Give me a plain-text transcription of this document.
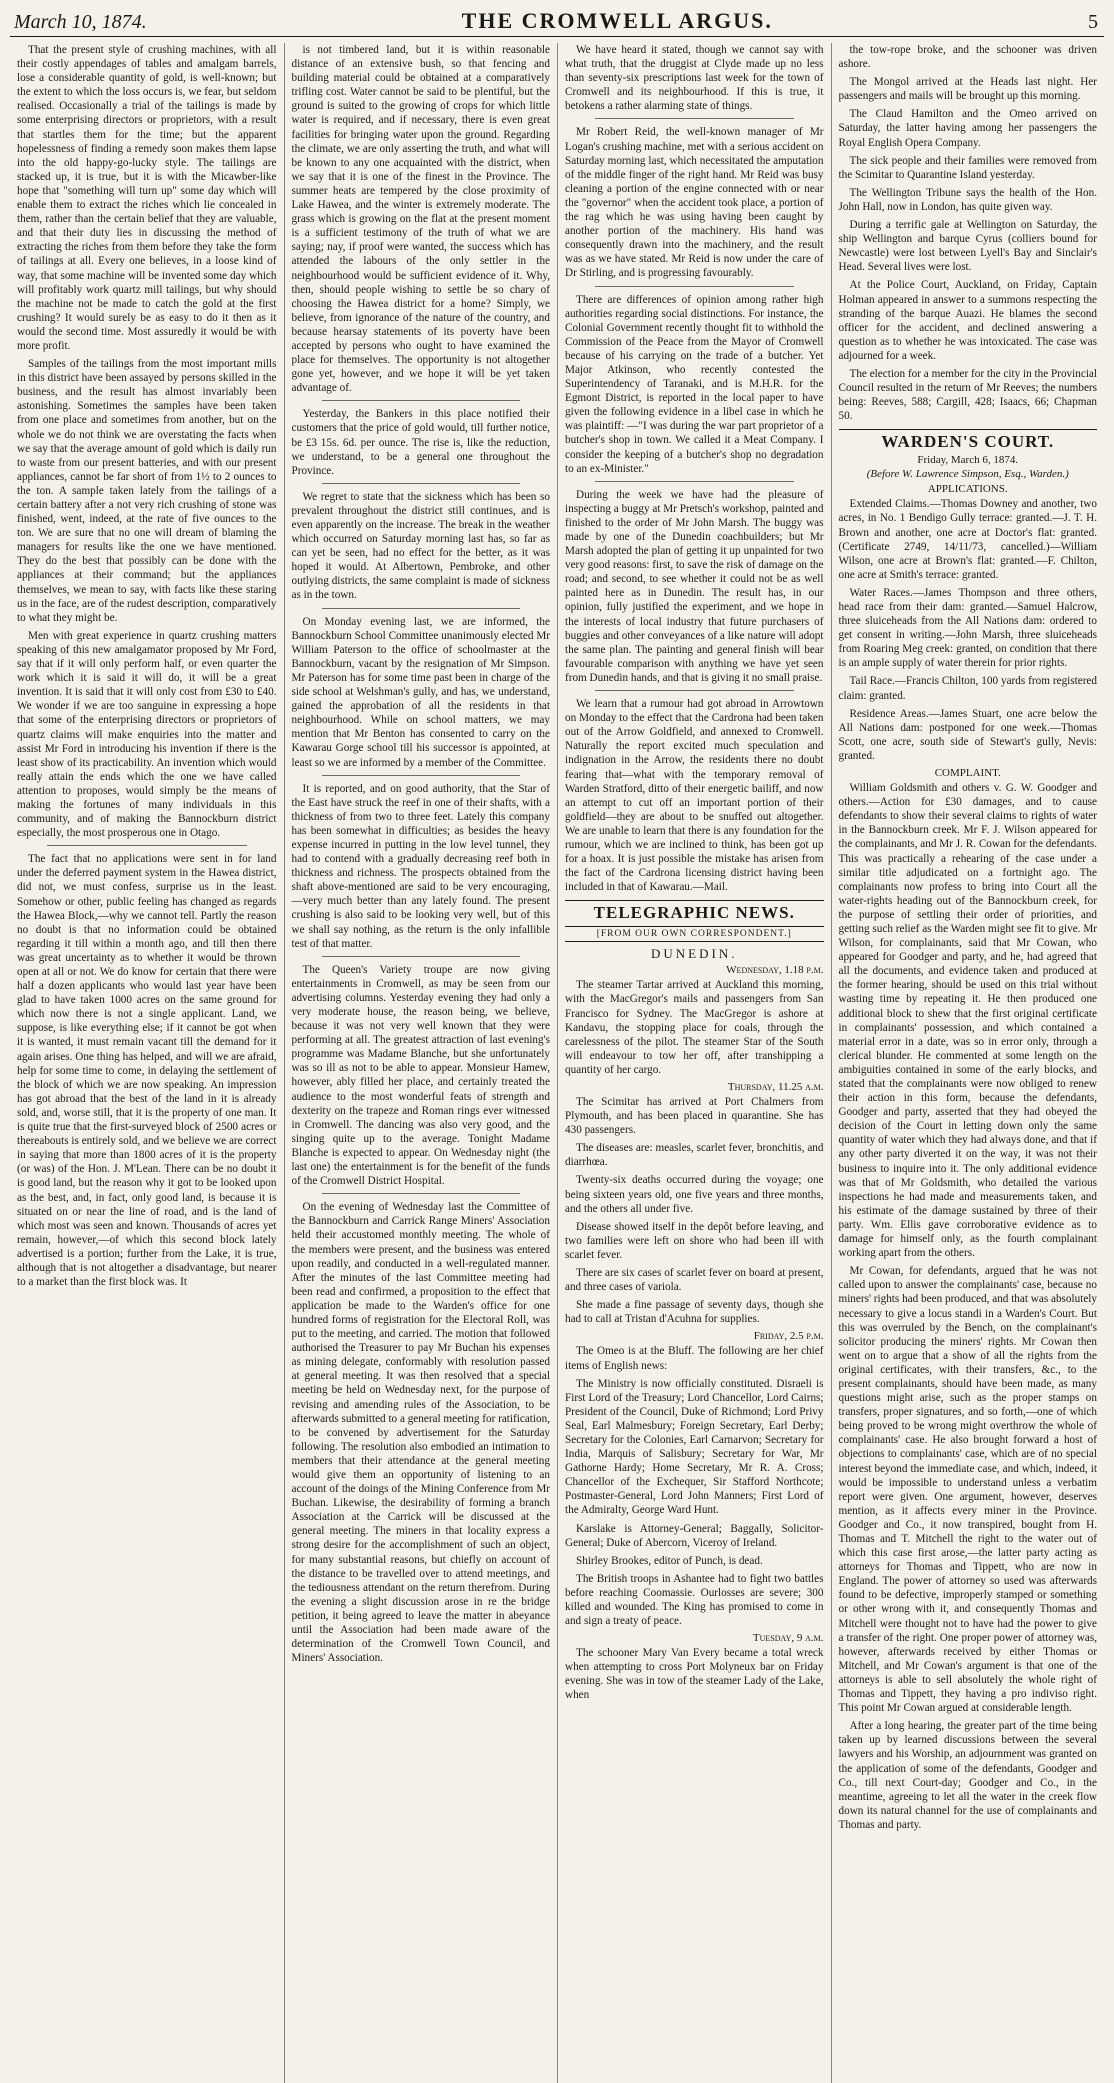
March 10, 1874.	THE CROMWELL ARGUS.	5

That the present style of crushing machines, with all their costly appendages of tables and amalgam barrels, lose a considerable quantity of gold, is well-known; but the extent to which the loss occurs is, we fear, but seldom realised. Occasionally a trial of the tailings is made by some enterprising directors or proprietors, with a result that startles them for the time; but the apparent hopelessness of finding a remedy soon makes them lapse into the old happy-go-lucky style. The tailings are stacked up, it is true, but it is with the Micawber-like hope that "something will turn up" some day which will enable them to extract the riches which lie concealed in them, rather than the certain belief that they are valuable, and that their duty lies in discussing the method of extracting the riches from them before they take the form of tailings at all. Every one believes, in a loose kind of way, that some machine will be invented some day which will profitably work quartz mill tailings, but why should the machine not be made to catch the gold at the first crushing? It would surely be as easy to do it then as it would the second time. Most assuredly it would be with more profit.

Samples of the tailings from the most important mills in this district have been assayed by persons skilled in the business, and the result has almost invariably been astonishing. Sometimes the samples have been taken from one place and sometimes from another, but on the whole we do not think we are overstating the facts when we say that the average amount of gold which is daily run to waste from our present batteries, and with our present appliances, cannot be far short of from 1½ to 2 ounces to the ton. A sample taken lately from the tailings of a certain battery after a not very rich crushing of stone was finished, went, indeed, at the rate of five ounces to the ton. We are sure that no one will dream of blaming the managers for results like the one we have mentioned. They do the best that possibly can be done with the appliances at their command; but the appliances themselves, we mean to say, with facts like these staring us in the face, are of the rudest description, comparatively to what they might be.

Men with great experience in quartz crushing matters speaking of this new amalgamator proposed by Mr Ford, say that if it will only perform half, or even quarter the work which it is said it will do, it will be a great invention. It is said that it will only cost from £30 to £40. We wonder if we are too sanguine in expressing a hope that some of the enterprising directors or proprietors of quartz claims will make enquiries into the matter and assist Mr Ford in introducing his invention if there is the least show of its practicability. An invention which would really attain the ends which the one we have called attention to proposes, would simply be the means of making the fortunes of many individuals in this community, and of making the Bannockburn district especially, the most prosperous one in Otago.

The fact that no applications were sent in for land under the deferred payment system in the Hawea district, did not, we must confess, surprise us in the least. Somehow or other, public feeling has changed as regards the Hawea Block,—why we cannot tell. Partly the reason no doubt is that no information could be obtained regarding it till within a month ago, and till then there was great uncertainty as to whether it would be thrown open at all or not. We do know for certain that there were half a dozen applicants who would last year have been glad to have taken 1000 acres on the same ground for which now there is not a single applicant. Land, we suppose, is like everything else; if it cannot be got when it is wanted, it must remain vacant till the demand for it again arises. One thing has helped, and will we are afraid, help for some time to come, in delaying the settlement of the block of which we are now speaking. An impression has got abroad that the best of the land in it is already sold, and, worse still, that it is the property of one man. It is quite true that the first-surveyed block of 2500 acres or thereabouts is entirely sold, and we believe we are correct in saying that more than 1800 acres of it is the property (or was) of the Hon. J. M'Lean. There can be no doubt it is good land, but the reason why it got to be looked upon as the best, and, in fact, only good land, is because it is situated on or near the line of road, and is the land of which most was seen and known. Thousands of acres yet remain, however,—of which this second block lately advertised is a portion; further from the Lake, it is true, although that is not altogether a disadvantage, but nearer to a market than the first block was. It

is not timbered land, but it is within reasonable distance of an extensive bush, so that fencing and building material could be obtained at a comparatively trifling cost. Water cannot be said to be plentiful, but the ground is suited to the growing of crops for which little water is required, and if necessary, there is even great facilities for bringing water upon the ground. Regarding the climate, we are only asserting the truth, and what will be known to any one acquainted with the district, when we say that it is one of the finest in the Province. The summer heats are tempered by the close proximity of Lake Hawea, and the winter is extremely moderate. The grass which is growing on the flat at the present moment is a sufficient testimony of the truth of what we are saying; nay, if proof were wanted, the success which has attended the labours of the only settler in the neighbourhood would be sufficient evidence of it. Why, then, should people wishing to settle be so chary of choosing the Hawea district for a home? Simply, we believe, from ignorance of the nature of the country, and because hearsay statements of its poverty have been accepted by persons who ought to have examined the place for themselves. The opportunity is not altogether gone yet, however, and we hope it will be yet taken advantage of.

Yesterday, the Bankers in this place notified their customers that the price of gold would, till further notice, be £3 15s. 6d. per ounce. The rise is, like the reduction, we understand, to be a general one throughout the Province.

We regret to state that the sickness which has been so prevalent throughout the district still continues, and is even apparently on the increase. The break in the weather which occurred on Saturday morning last has, so far as can yet be seen, had no effect for the better, as it was hoped it would. At Albertown, Pembroke, and other outlying districts, the same complaint is made of sickness as in the town.

On Monday evening last, we are informed, the Bannockburn School Committee unanimously elected Mr William Paterson to the office of schoolmaster at the Bannockburn, vacant by the resignation of Mr Simpson. Mr Paterson has for some time past been in charge of the side school at Welshman's gully, and has, we understand, gained the approbation of all the residents in that neighbourhood. While on school matters, we may mention that Mr Benton has consented to carry on the Kawarau Gorge school till his successor is appointed, at least so we are informed by a member of the Committee.

It is reported, and on good authority, that the Star of the East have struck the reef in one of their shafts, with a thickness of from two to three feet. Lately this company has been somewhat in difficulties; as besides the heavy expense incurred in putting in the low level tunnel, they had to contend with a gradually decreasing reef both in thickness and richness. The prospects obtained from the shaft above-mentioned are said to be very encouraging,—very much better than any lately found. The present crushing is also said to be looking very well, but of this we shall say nothing, as the return is the only infallible test of that matter.

The Queen's Variety troupe are now giving entertainments in Cromwell, as may be seen from our advertising columns. Yesterday evening they had only a very moderate house, the reason being, we believe, because it was not very well known that they were performing at all. The greatest attraction of last evening's programme was Madame Blanche, but she unfortunately was so ill as not to be able to appear. Monsieur Hamew, however, ably filled her place, and certainly treated the audience to the most wonderful feats of strength and dexterity on the trapeze and Roman rings ever witnessed in Cromwell. The dancing was also very good, and the singing quite up to the average. Tonight Madame Blanche is expected to appear. On Wednesday night (the last one) the entertainment is for the benefit of the funds of the Cromwell District Hospital.

On the evening of Wednesday last the Committee of the Bannockburn and Carrick Range Miners' Association held their accustomed monthly meeting. The whole of the members were present, and the business was entered upon readily, and conducted in a well-regulated manner. After the minutes of the last Committee meeting had been read and confirmed, a proposition to the effect that application be made to the Warden's office for one hundred forms of registration for the Electoral Roll, was put to the meeting, and carried. The motion that followed authorised the Treasurer to pay Mr Buchan his expenses as mining delegate, conformably with resolution passed at general meeting. It was then resolved that a special meeting be held on Wednesday next, for the purpose of revising and amending rules of the Association, to be afterwards submitted to a general meeting for ratification, to be convened by advertisement for the Saturday following. The resolution also embodied an intimation to members that their attendance at the general meeting would give them an opportunity of listening to an account of the doings of the Mining Conference from Mr Buchan. Likewise, the desirability of forming a branch Association at the Carrick will be discussed at the general meeting. The miners in that locality express a strong desire for the accomplishment of such an object, for many substantial reasons, but chiefly on account of the distance to be travelled over to attend meetings, and the tediousness attendant on the return therefrom. During the evening a slight discussion arose in re the bridge petition, it being agreed to leave the matter in abeyance until the Association had been made aware of the determination of the Cromwell Town Council, and Miners' Association.

We have heard it stated, though we cannot say with what truth, that the druggist at Clyde made up no less than seventy-six prescriptions last week for the town of Cromwell and its neighbourhood. If this is true, it betokens a rather alarming state of things.

Mr Robert Reid, the well-known manager of Mr Logan's crushing machine, met with a serious accident on Saturday morning last, which necessitated the amputation of the middle finger of the right hand. Mr Reid was busy cleaning a portion of the engine connected with or near the "governor" when the accident took place, a portion of the rag which he was using having been caught by another portion of the machinery. His hand was consequently drawn into the machinery, and the result was as we have stated. Mr Reid is now under the care of Dr Stirling, and is progressing favourably.

There are differences of opinion among rather high authorities regarding social distinctions. For instance, the Colonial Government recently thought fit to withhold the Commission of the Peace from the Mayor of Cromwell because of his carrying on the trade of a butcher. Yet Major Atkinson, who recently contested the Superintendency of Taranaki, and is M.H.R. for the Egmont District, is reported in the local paper to have given the following evidence in a libel case in which he was plaintiff: —"I was during the war part proprietor of a butcher's shop in town. We called it a Meat Company. I consider the keeping of a butcher's shop no degradation to an ex-Minister."

During the week we have had the pleasure of inspecting a buggy at Mr Pretsch's workshop, painted and finished to the order of Mr John Marsh. The buggy was made by one of the Dunedin coachbuilders; but Mr Marsh adopted the plan of getting it up unpainted for two very good reasons: first, to save the risk of damage on the road; and second, to see whether it could not be as well painted here as in Dunedin. The result has, in our opinion, fully justified the experiment, and we hope in the interests of local industry that future purchasers of buggies and other conveyances of a like nature will adopt the same plan. The painting and general finish will bear favourable comparison with anything we have yet seen from Dunedin hands, and that is giving it no small praise.

We learn that a rumour had got abroad in Arrowtown on Monday to the effect that the Cardrona had been taken out of the Arrow Goldfield, and annexed to Cromwell. Naturally the report excited much speculation and indignation in the Arrow, the residents there no doubt fearing that—what with the temporary removal of Warden Stratford, ditto of their energetic bailiff, and now an attempt to cut off an important portion of their goldfield—they are about to be snuffed out altogether. We are unable to learn that there is any foundation for the rumour, which we are inclined to think, has been got up for a hoax. It is just possible the mistake has arisen from the fact of the Cardrona licensing district having been included in that of Kawarau.—Mail.

TELEGRAPHIC NEWS.
[FROM OUR OWN CORRESPONDENT.]
DUNEDIN.
Wednesday, 1.18 p.m.

The steamer Tartar arrived at Auckland this morning, with the MacGregor's mails and passengers from San Francisco for Sydney. The MacGregor is ashore at Kandavu, the stopping place for coals, through the carelessness of the pilot. The steamer Star of the South will endeavour to tow her off, after transhipping a quantity of her cargo.

Thursday, 11.25 a.m.

The Scimitar has arrived at Port Chalmers from Plymouth, and has been placed in quarantine. She has 430 passengers.

The diseases are: measles, scarlet fever, bronchitis, and diarrhœa.

Twenty-six deaths occurred during the voyage; one being sixteen years old, one five years and three months, and the others all under five.

Disease showed itself in the depôt before leaving, and two families were left on shore who had been ill with scarlet fever.

There are six cases of scarlet fever on board at present, and three cases of variola.

She made a fine passage of seventy days, though she had to call at Tristan d'Acuhna for supplies.

Friday, 2.5 p.m.

The Omeo is at the Bluff. The following are her chief items of English news:

The Ministry is now officially constituted. Disraeli is First Lord of the Treasury; Lord Chancellor, Lord Cairns; President of the Council, Duke of Richmond; Lord Privy Seal, Earl Malmesbury; Foreign Secretary, Earl Derby; Secretary for the Colonies, Earl Carnarvon; Secretary for India, Marquis of Salisbury; Secretary for War, Mr Gathorne Hardy; Home Secretary, Mr R. A. Cross; Chancellor of the Exchequer, Sir Stafford Northcote; Postmaster-General, Lord John Manners; First Lord of the Admiralty, George Ward Hunt.

Karslake is Attorney-General; Baggally, Solicitor-General; Duke of Abercorn, Viceroy of Ireland.

Shirley Brookes, editor of Punch, is dead.

The British troops in Ashantee had to fight two battles before reaching Coomassie. Ourlosses are severe; 300 killed and wounded. The King has promised to come in and sign a treaty of peace.

Tuesday, 9 a.m.

The schooner Mary Van Every became a total wreck when attempting to cross Port Molyneux bar on Friday evening. She was in tow of the steamer Lady of the Lake, when

the tow-rope broke, and the schooner was driven ashore.

The Mongol arrived at the Heads last night. Her passengers and mails will be brought up this morning.

The Claud Hamilton and the Omeo arrived on Saturday, the latter having among her passengers the Royal English Opera Company.

The sick people and their families were removed from the Scimitar to Quarantine Island yesterday.

The Wellington Tribune says the health of the Hon. John Hall, now in London, has quite given way.

During a terrific gale at Wellington on Saturday, the ship Wellington and barque Cyrus (colliers bound for Newcastle) were lost between Lyell's Bay and Sinclair's Head. Several lives were lost.

At the Police Court, Auckland, on Friday, Captain Holman appeared in answer to a summons respecting the stranding of the barque Auazi. He blames the second officer for the accident, and declined answering a question as to whether he was intoxicated. The case was adjourned for a week.

The election for a member for the city in the Provincial Council resulted in the return of Mr Reeves; the numbers being: Reeves, 588; Cargill, 428; Isaacs, 66; Chapman 50.

WARDEN'S COURT.
Friday, March 6, 1874.
(Before W. Lawrence Simpson, Esq., Warden.)
APPLICATIONS.

Extended Claims.—Thomas Downey and another, two acres, in No. 1 Bendigo Gully terrace: granted.—J. T. H. Brown and another, one acre at Doctor's flat: granted. (Certificate 2749, 14/11/73, cancelled.)—William Wilson, one acre at Brown's flat: granted.—F. Chilton, one acre at Smith's terrace: granted.

Water Races.—James Thompson and three others, head race from their dam: granted.—Samuel Halcrow, three sluiceheads from the All Nations dam: ordered to get consent in writing.—John Marsh, three sluiceheads from Roaring Meg creek: granted, on condition that there is an ample supply of water therein for prior rights.

Tail Race.—Francis Chilton, 100 yards from registered claim: granted.

Residence Areas.—James Stuart, one acre below the All Nations dam: postponed for one week.—Thomas Scott, one acre, south side of Stewart's gully, Nevis: granted.

COMPLAINT.

William Goldsmith and others v. G. W. Goodger and others.—Action for £30 damages, and to cause defendants to show their several claims to rights of water in the Bannockburn creek. Mr F. J. Wilson appeared for the complainants, and Mr J. R. Cowan for the defendants. This was practically a rehearing of the case under a similar title adjudicated on a fortnight ago. The complainants now profess to bring into Court all the water-rights heading out of the Bannockburn creek, for the purpose of settling their order of priorities, and getting such relief as the Warden might see fit to give. Mr Wilson, for complainants, said that Mr Cowan, who appeared for Goodger and party, and he, had agreed that all the documents, and evidence taken and produced at the former hearing, should be used on this trial without wasting time by repeating it. He then produced one additional block to shew that the first original certificate in complainants' possession, and which contained a material error in a date, was so in error only, through a clerical blunder. He commented at some length on the ambiguities contained in some of the early blocks, and stated that the complainants were now obliged to renew their action in this form, because the defendants, Goodger and party, asserted that they had obeyed the decision of the Court in letting down only the same quantity of water which they had always done, and that if any other party diverted it on the way, it was not their business to inquire into it. The only additional evidence was that of Mr Goldsmith, who detailed the various inspections he had made and measurements taken, and his estimate of the damage sustained by three of their party. Wm. Ellis gave corroborative evidence as to damage for himself only, as the fourth complainant working apart from the others.

Mr Cowan, for defendants, argued that he was not called upon to answer the complainants' case, because no miners' rights had been produced, and that was absolutely necessary to give a locus standi in a Warden's Court. But this was overruled by the Bench, on the complainant's solicitor producing the miners' rights. Mr Cowan then went on to argue that a show of all the rights from the original certificates, with their transfers, &c., to the present complainants, should have been made, as many questions might arise, such as the proper stamps on transfers, proper signatures, and so forth,—one of which being proved to be wrong might overthrow the whole of complainants' case. He also brought forward a host of objections to complainants' case, which are of no special interest beyond the immediate case, and which, indeed, it would be impossible to understand unless a verbatim report were given. One argument, however, deserves mention, as it affects every miner in the Province. Goodger and Co., it now transpired, bought from H. Thomas and T. Mitchell the right to the water out of which this case first arose,—the latter party acting as attorneys for Thomas and Tippett, who are now in England. The power of attorney so used was afterwards found to be defective, improperly stamped or something or other wrong with it, and consequently Thomas and Mitchell were thought not to have had the power to give a transfer of the right. One proper power of attorney was, however, afterwards received by either Thomas or Mitchell, and Mr Cowan's argument is that one of the attorneys is able to sell absolutely the whole right of Thomas and Tippett, they having a pro indiviso right. This point Mr Cowan argued at considerable length.

After a long hearing, the greater part of the time being taken up by learned discussions between the several lawyers and his Worship, an adjournment was granted on the application of some of the defendants, Goodger and Co., till next Court-day; Goodger and Co., in the meantime, agreeing to let all the water in the creek flow down its natural channel for the use of complainants and Thomas and party.
